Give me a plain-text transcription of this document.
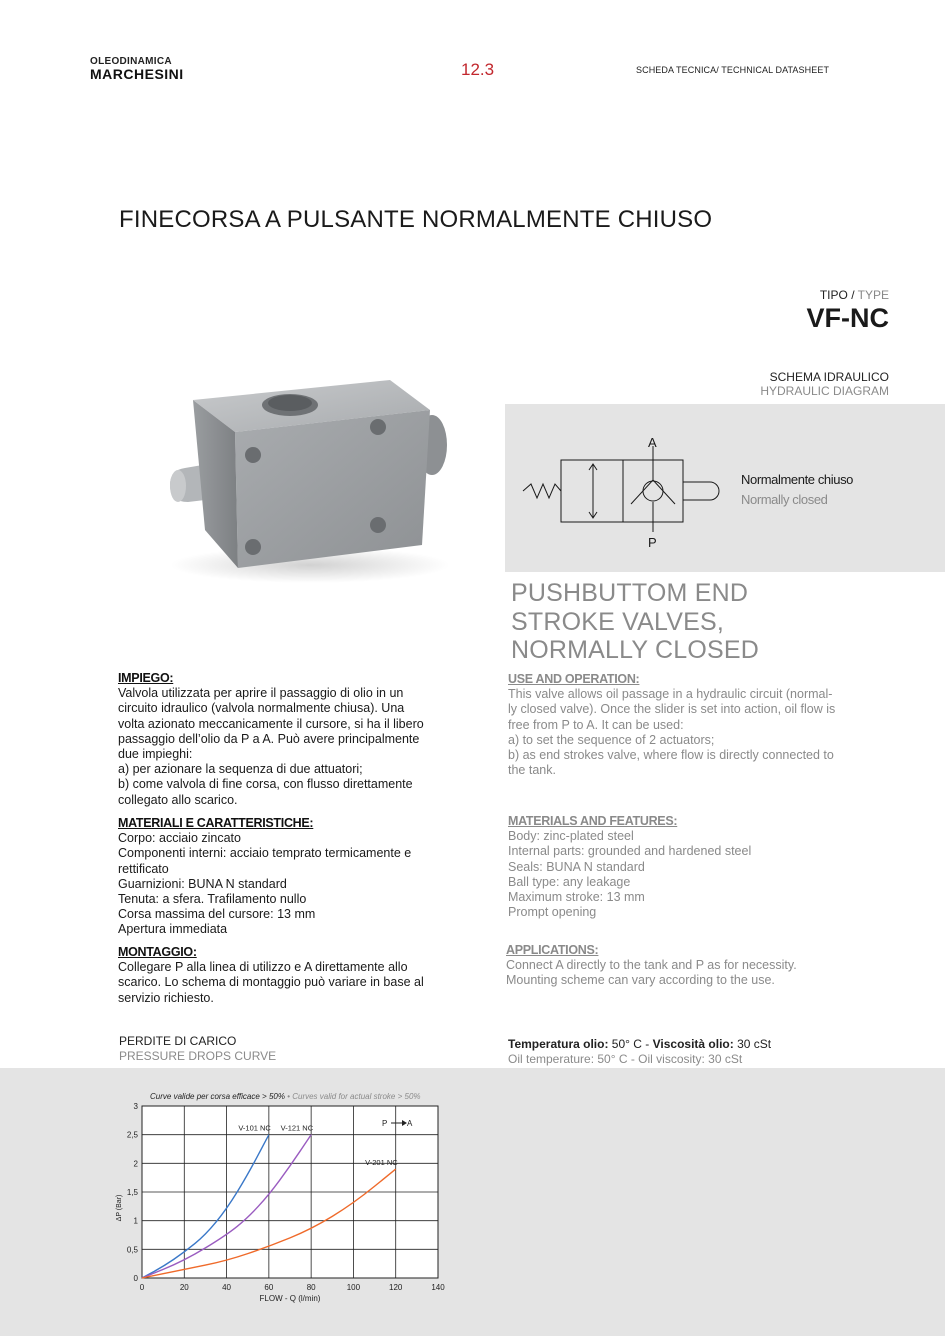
OLEODINAMICA
MARCHESINI	12.3	SCHEDA TECNICA/ TECHNICAL DATASHEET
FINECORSA A PULSANTE NORMALMENTE CHIUSO
TIPO / TYPE
VF-NC
SCHEMA IDRAULICO
HYDRAULIC DIAGRAM
A
P
Normalmente chiuso
Normally closed
PUSHBUTTOM END
STROKE VALVES,
NORMALLY CLOSED
IMPIEGO:
Valvola utilizzata per aprire il passaggio di olio in un
circuito idraulico (valvola normalmente chiusa). Una
volta azionato meccanicamente il cursore, si ha il libero
passaggio dell’olio da P a A. Può avere principalmente
due impieghi:
a) per azionare la sequenza di due attuatori;
b) come valvola di fine corsa, con flusso direttamente
collegato allo scarico.
MATERIALI E CARATTERISTICHE:
Corpo: acciaio zincato
Componenti interni: acciaio temprato termicamente e
rettificato
Guarnizioni: BUNA N standard
Tenuta: a sfera. Trafilamento nullo
Corsa massima del cursore: 13 mm
Apertura immediata
MONTAGGIO:
Collegare P alla linea di utilizzo e A direttamente allo
scarico. Lo schema di montaggio può variare in base al
servizio richiesto.
USE AND OPERATION:
This valve allows oil passage in a hydraulic circuit (normal-
ly closed valve). Once the slider is set into action, oil flow is
free from P to A. It can be used:
a) to set the sequence of 2 actuators;
b) as end strokes valve, where flow is directly connected to
the tank.
MATERIALS AND FEATURES:
Body: zinc-plated steel
Internal parts: grounded and hardened steel
Seals: BUNA N standard
Ball type: any leakage
Maximum stroke: 13 mm
Prompt opening
APPLICATIONS:
Connect A directly to the tank and P as for necessity.
Mounting scheme can vary according to the use.
PERDITE DI CARICO
PRESSURE DROPS CURVE
Temperatura olio: 50° C - Viscosità olio: 30 cSt
Oil temperature: 50° C - Oil viscosity: 30 cSt
0	20	40	60	80	100	120	140
0
0,5
1
1,5
2
2,5
3
V-101 NC V-121 NC
V-201 NC
Curve valide per corsa efficace > 50% • Curves valid for actual stroke > 50%
P A
FLOW - Q (l/min)
ΔP (Bar)
